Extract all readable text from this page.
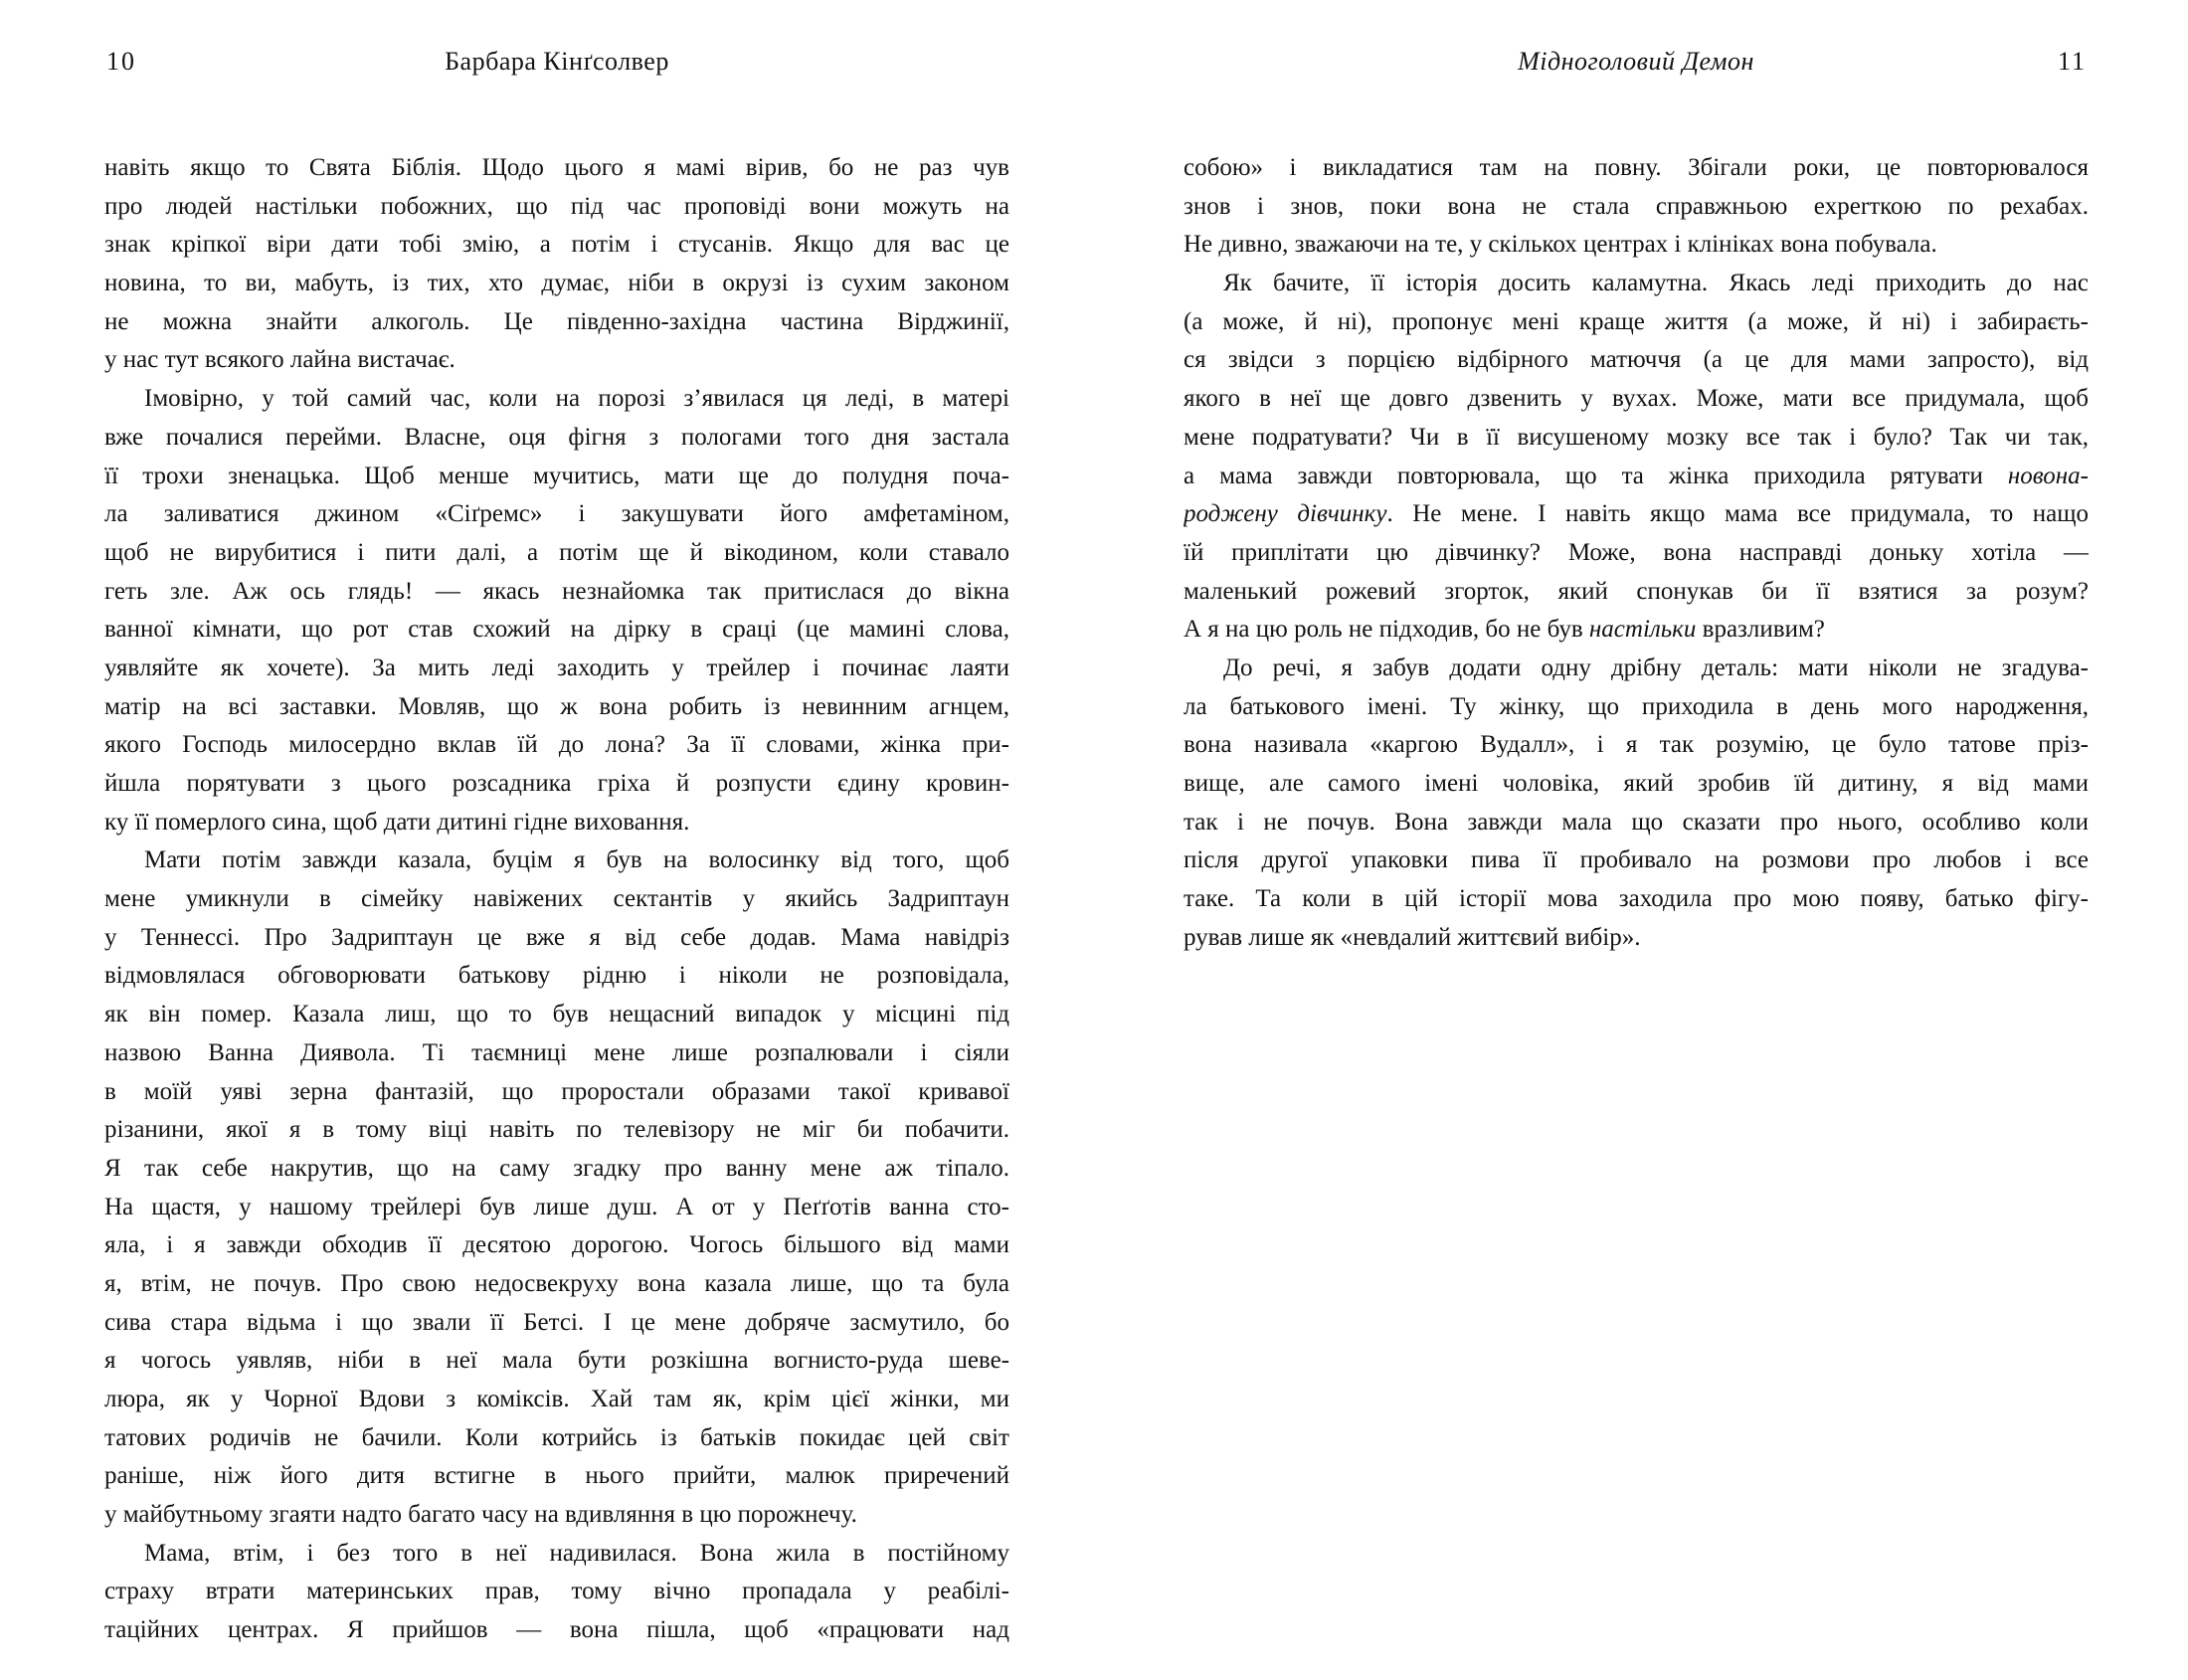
10	Барбара Кінґсолвер
навіть якщо то Свята Біблія. Щодо цього я мамі вірив, бо не раз чув
про людей настільки побожних, що під час проповіді вони можуть на
знак кріпкої віри дати тобі змію, а потім і стусанів. Якщо для вас це
новина, то ви, мабуть, із тих, хто думає, ніби в окрузі із сухим законом
не можна знайти алкоголь. Це південно-західна частина Вірджинії,
у нас тут всякого лайна вистачає.
Імовірно, у той самий час, коли на порозі з’явилася ця леді, в матері
вже почалися перейми. Власне, оця фігня з пологами того дня застала
її трохи зненацька. Щоб менше мучитись, мати ще до полудня поча-
ла заливатися джином «Сіґремс» і закушувати його амфетаміном,
щоб не вирубитися і пити далі, а потім ще й вікодином, коли ставало
геть зле. Аж ось глядь! — якась незнайомка так притислася до вікна
ванної кімнати, що рот став схожий на дірку в сраці (це мамині слова,
уявляйте як хочете). За мить леді заходить у трейлер і починає лаяти
матір на всі заставки. Мовляв, що ж вона робить із невинним агнцем,
якого Господь милосердно вклав їй до лона? За її словами, жінка при-
йшла порятувати з цього розсадника гріха й розпусти єдину кровин-
ку її померлого сина, щоб дати дитині гідне виховання.
Мати потім завжди казала, буцім я був на волосинку від того, щоб
мене умикнули в сімейку навіжених сектантів у якийсь Задриптаун
у Теннессі. Про Задриптаун це вже я від себе додав. Мама навідріз
відмовлялася обговорювати батькову рідню і ніколи не розповідала,
як він помер. Казала лиш, що то був нещасний випадок у місцині під
назвою Ванна Диявола. Ті таємниці мене лише розпалювали і сіяли
в моїй уяві зерна фантазій, що проростали образами такої кривавої
різанини, якої я в тому віці навіть по телевізору не міг би побачити.
Я так себе накрутив, що на саму згадку про ванну мене аж тіпало.
На щастя, у нашому трейлері був лише душ. А от у Пеґґотів ванна сто-
яла, і я завжди обходив її десятою дорогою. Чогось більшого від мами
я, втім, не почув. Про свою недосвекруху вона казала лише, що та була
сива стара відьма і що звали її Бетсі. І це мене добряче засмутило, бо
я чогось уявляв, ніби в неї мала бути розкішна вогнисто-руда шеве-
люра, як у Чорної Вдови з коміксів. Хай там як, крім цієї жінки, ми
татових родичів не бачили. Коли котрийсь із батьків покидає цей світ
раніше, ніж його дитя встигне в нього прийти, малюк приречений
у майбутньому згаяти надто багато часу на вдивляння в цю порожнечу.
Мама, втім, і без того в неї надивилася. Вона жила в постійному
страху втрати материнських прав, тому вічно пропадала у реабілі-
таційних центрах. Я прийшов — вона пішла, щоб «працювати над
Мідноголовий Демон	11
собою» і викладатися там на повну. Збігали роки, це повторювалося
знов і знов, поки вона не стала справжньою experткою по рехабах.
Не дивно, зважаючи на те, у скількох центрах і клініках вона побувала.
Як бачите, її історія досить каламутна. Якась леді приходить до нас
(а може, й ні), пропонує мені краще життя (а може, й ні) і забираєть-
ся звідси з порцією відбірного матюччя (а це для мами запросто), від
якого в неї ще довго дзвенить у вухах. Може, мати все придумала, щоб
мене подратувати? Чи в її висушеному мозку все так і було? Так чи так,
а мама завжди повторювала, що та жінка приходила рятувати новона-
роджену дівчинку. Не мене. І навіть якщо мама все придумала, то нащо
їй приплітати цю дівчинку? Може, вона насправді доньку хотіла —
маленький рожевий згорток, який спонукав би її взятися за розум?
А я на цю роль не підходив, бо не був настільки вразливим?
До речі, я забув додати одну дрібну деталь: мати ніколи не згадува-
ла батькового імені. Ту жінку, що приходила в день мого народження,
вона називала «каргою Вудалл», і я так розумію, це було татове пріз-
вище, але самого імені чоловіка, який зробив їй дитину, я від мами
так і не почув. Вона завжди мала що сказати про нього, особливо коли
після другої упаковки пива її пробивало на розмови про любов і все
таке. Та коли в цій історії мова заходила про мою появу, батько фігу-
рував лише як «невдалий життєвий вибір».
